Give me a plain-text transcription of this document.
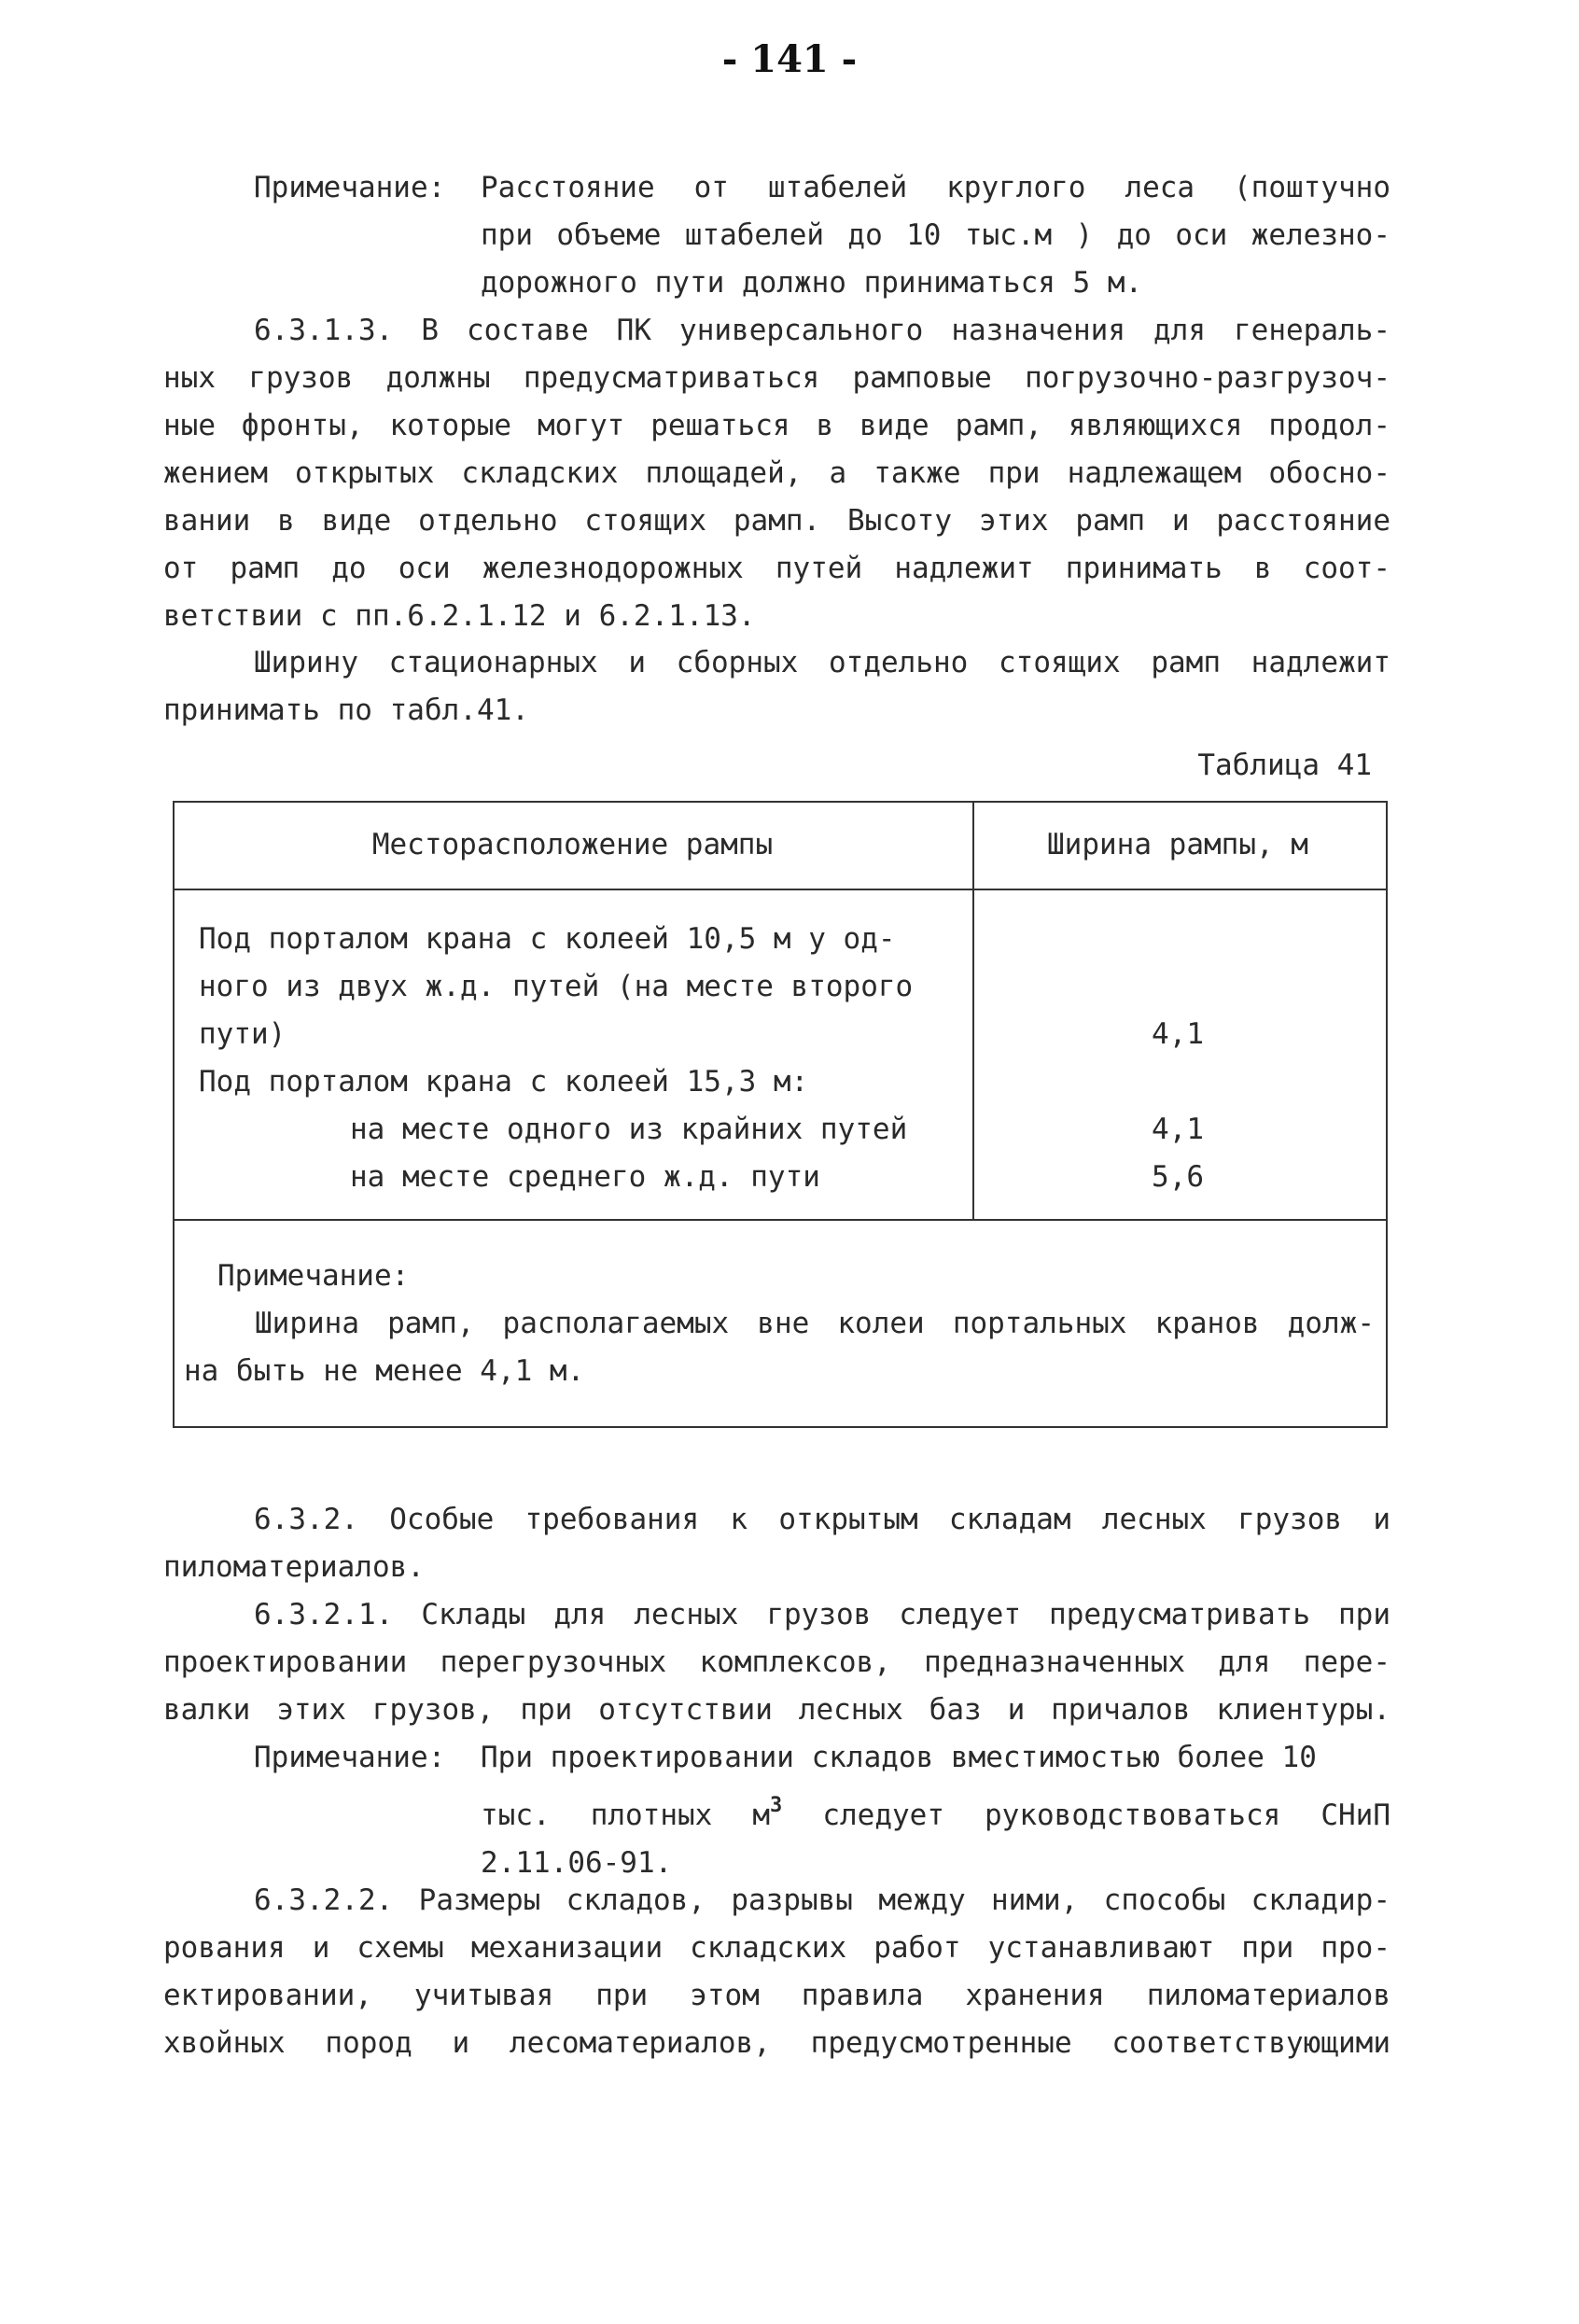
- 141 -
Примечание: Расстояние от штабелей круглого леса (поштучно
при объеме штабелей до 10 тыс.м ) до оси железно-
дорожного пути должно приниматься 5 м.
6.3.1.3. В составе ПК универсального назначения для генераль-
ных грузов должны предусматриваться рамповые погрузочно-разгрузоч-
ные фронты, которые могут решаться в виде рамп, являющихся продол-
жением открытых складских площадей, а также при надлежащем обосно-
вании в виде отдельно стоящих рамп. Высоту этих рамп и расстояние
от рамп до оси железнодорожных путей надлежит принимать в соот-
ветствии с пп.6.2.1.12 и 6.2.1.13.
Ширину стационарных и сборных отдельно стоящих рамп надлежит
принимать по табл.41.
Таблица 41
Месторасположение рампы	Ширина рампы, м
Под порталом крана с колеей 10,5 м у од-
ного из двух ж.д. путей (на месте второго
пути)
Под порталом крана с колеей 15,3 м:
на месте одного из крайних путей
на месте среднего ж.д. пути
4,1
4,1
5,6
Примечание:
Ширина рамп, располагаемых вне колеи портальных кранов долж-
на быть не менее 4,1 м.
6.3.2. Особые требования к открытым складам лесных грузов и
пиломатериалов.
6.3.2.1. Склады для лесных грузов следует предусматривать при
проектировании перегрузочных комплексов, предназначенных для пере-
валки этих грузов, при отсутствии лесных баз и причалов клиентуры.
Примечание: При проектировании складов вместимостью более 10
тыс. плотных $м^3$ следует руководствоваться СНиП
2.11.06-91.
6.3.2.2. Размеры складов, разрывы между ними, способы складир-
рования и схемы механизации складских работ устанавливают при про-
ектировании, учитывая при этом правила хранения пиломатериалов
хвойных пород и лесоматериалов, предусмотренные соответствующими
